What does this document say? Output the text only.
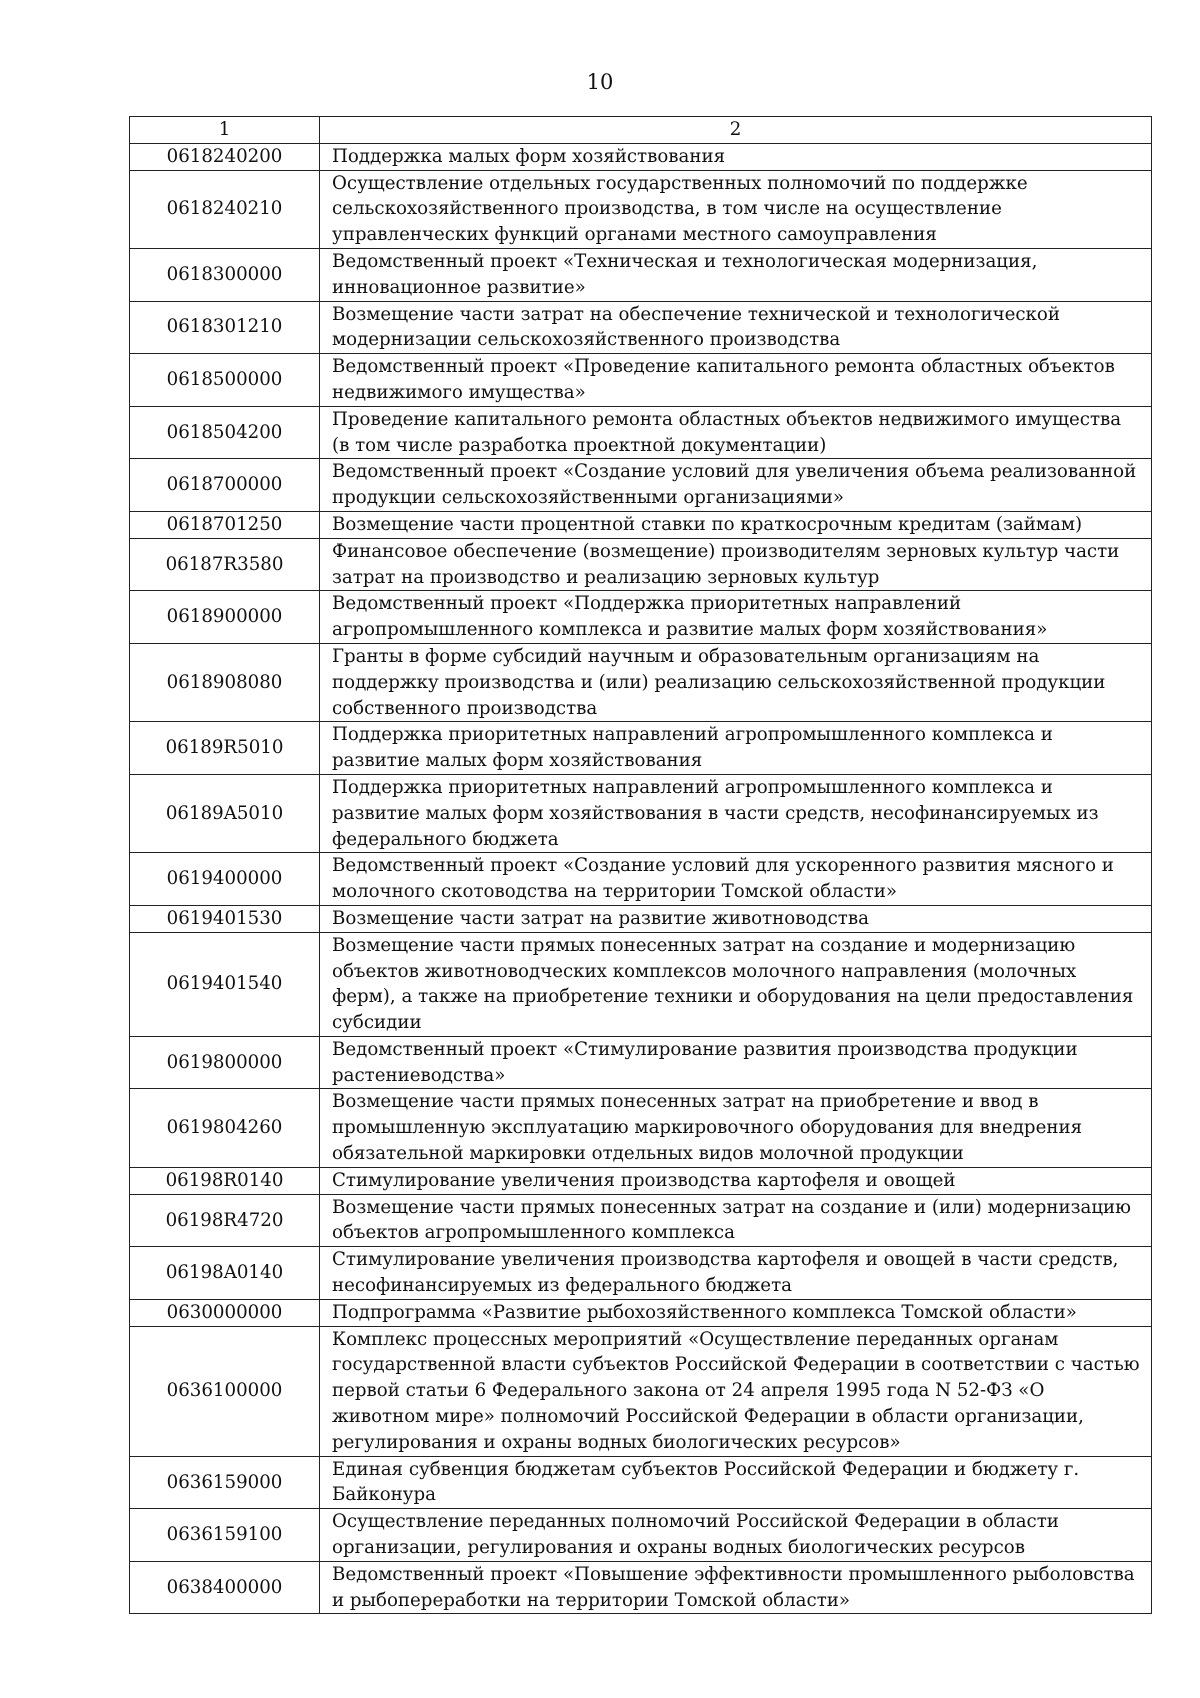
10
1	2
0618240200	Поддержка малых форм хозяйствования
0618240210	Осуществление отдельных государственных полномочий по поддержке сельскохозяйственного производства, в том числе на осуществление управленческих функций органами местного самоуправления
0618300000	Ведомственный проект «Техническая и технологическая модернизация, инновационное развитие»
0618301210	Возмещение части затрат на обеспечение технической и технологической модернизации сельскохозяйственного производства
0618500000	Ведомственный проект «Проведение капитального ремонта областных объектов недвижимого имущества»
0618504200	Проведение капитального ремонта областных объектов недвижимого имущества (в том числе разработка проектной документации)
0618700000	Ведомственный проект «Создание условий для увеличения объема реализованной продукции сельскохозяйственными организациями»
0618701250	Возмещение части процентной ставки по краткосрочным кредитам (займам)
06187R3580	Финансовое обеспечение (возмещение) производителям зерновых культур части затрат на производство и реализацию зерновых культур
0618900000	Ведомственный проект «Поддержка приоритетных направлений агропромышленного комплекса и развитие малых форм хозяйствования»
0618908080	Гранты в форме субсидий научным и образовательным организациям на поддержку производства и (или) реализацию сельскохозяйственной продукции собственного производства
06189R5010	Поддержка приоритетных направлений агропромышленного комплекса и развитие малых форм хозяйствования
06189A5010	Поддержка приоритетных направлений агропромышленного комплекса и развитие малых форм хозяйствования в части средств, несофинансируемых из федерального бюджета
0619400000	Ведомственный проект «Создание условий для ускоренного развития мясного и молочного скотоводства на территории Томской области»
0619401530	Возмещение части затрат на развитие животноводства
0619401540	Возмещение части прямых понесенных затрат на создание и модернизацию объектов животноводческих комплексов молочного направления (молочных ферм), а также на приобретение техники и оборудования на цели предоставления субсидии
0619800000	Ведомственный проект «Стимулирование развития производства продукции растениеводства»
0619804260	Возмещение части прямых понесенных затрат на приобретение и ввод в промышленную эксплуатацию маркировочного оборудования для внедрения обязательной маркировки отдельных видов молочной продукции
06198R0140	Стимулирование увеличения производства картофеля и овощей
06198R4720	Возмещение части прямых понесенных затрат на создание и (или) модернизацию объектов агропромышленного комплекса
06198A0140	Стимулирование увеличения производства картофеля и овощей в части средств, несофинансируемых из федерального бюджета
0630000000	Подпрограмма «Развитие рыбохозяйственного комплекса Томской области»
0636100000	Комплекс процессных мероприятий «Осуществление переданных органам государственной власти субъектов Российской Федерации в соответствии с частью первой статьи 6 Федерального закона от 24 апреля 1995 года N 52-ФЗ «О животном мире» полномочий Российской Федерации в области организации, регулирования и охраны водных биологических ресурсов»
0636159000	Единая субвенция бюджетам субъектов Российской Федерации и бюджету г. Байконура
0636159100	Осуществление переданных полномочий Российской Федерации в области организации, регулирования и охраны водных биологических ресурсов
0638400000	Ведомственный проект «Повышение эффективности промышленного рыболовства и рыбопереработки на территории Томской области»
